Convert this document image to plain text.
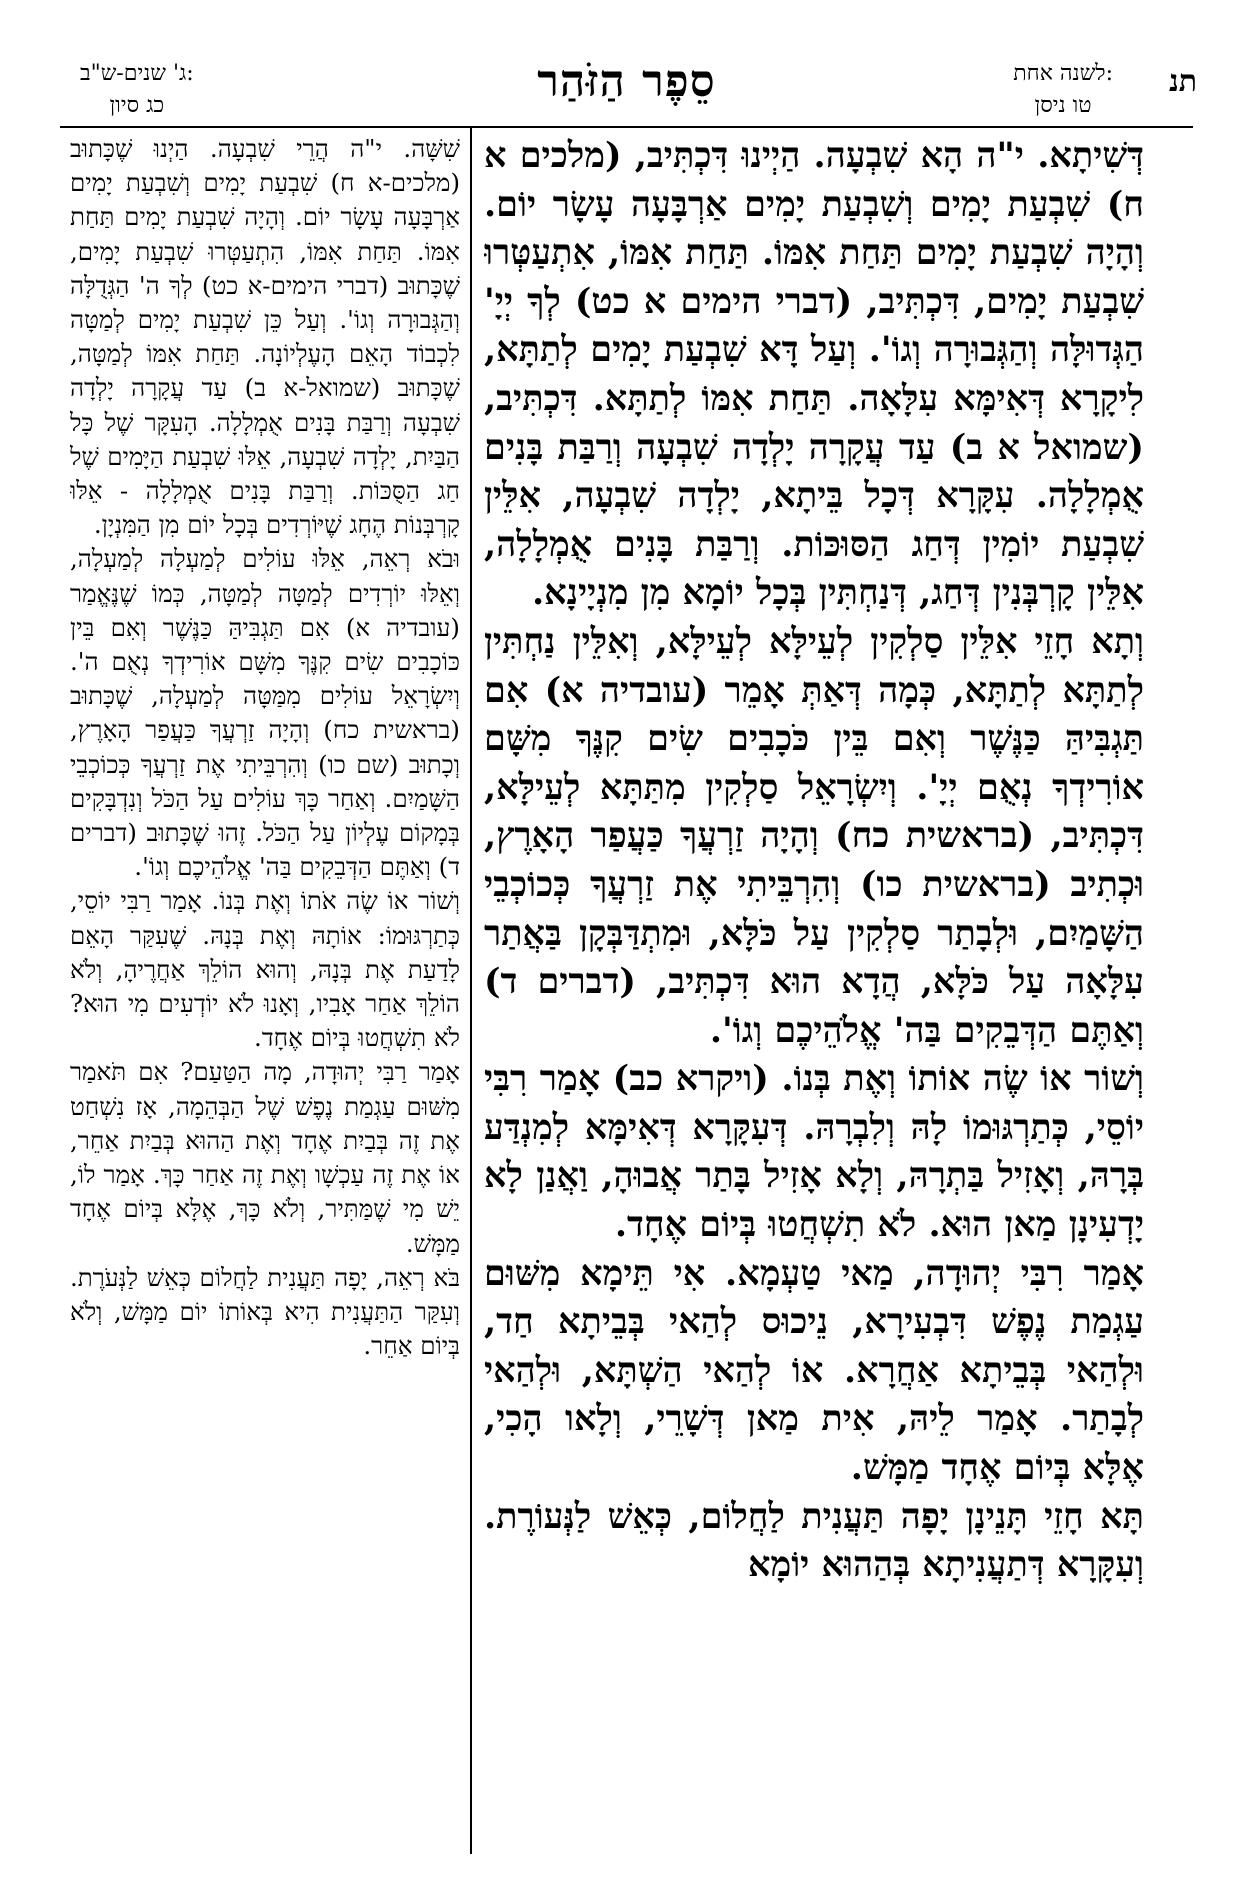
תנ
לשנה אחת:
טו ניסן
סֵפֶר הַזֹּהַר
ג' שנים-ש"ב:
כג סיון

דְּשִׁיתָא. י"ה הָא שִׁבְעָה. הַיְינוּ דִּכְתִּיב, (מלכים א ח) שִׁבְעַת יָמִים וְשִׁבְעַת יָמִים אַרְבָּעָה עָשָׂר יוֹם. וְהָיָה שִׁבְעַת יָמִים תַּחַת אִמּוֹ. תַּחַת אִמּוֹ, אִתְעַטְּרוּ שִׁבְעַת יָמִים, דִּכְתִּיב, (דברי הימים א כט) לְךָ יְיָ' הַגְּדוּלָּה וְהַגְּבוּרָה וְגוֹ'. וְעַל דָּא שִׁבְעַת יָמִים לְתַתָּא, לִיקָרָא דְּאִימָּא עִלָּאָה. תַּחַת אִמּוֹ לְתַתָּא. דִּכְתִּיב, (שמואל א ב) עַד עֲקָרָה יָלְדָה שִׁבְעָה וְרַבַּת בָּנִים אֻמְלָלָה. עִקָּרָא דְּכָל בֵּיתָא, יָלְדָה שִׁבְעָה, אִלֵּין שִׁבְעַת יוֹמִין דְּחַג הַסּוּכּוֹת. וְרַבַּת בָּנִים אֻמְלָלָה, אִלֵּין קָרְבְּנִין דְּחַג, דְּנַחְתִּין בְּכָל יוֹמָא מִן מִנְיָינָא.

וְתָא חָזֵי אִלֵּין סַלְקִין לְעֵילָּא לְעֵילָּא, וְאִלֵּין נַחְתִּין לְתַתָּא לְתַתָּא, כְּמָה דְּאַתְּ אָמֵר (עובדיה א) אִם תַּגְבִּיהַּ כַּנֶּשֶׁר וְאִם בֵּין כֹּכָבִים שִׂים קִנֶּךָ מִשָּׁם אוֹרִידְךָ נְאֻם יְיָ'. וְיִשְׂרָאֵל סַלְקִין מִתַּתָּא לְעֵילָּא, דִּכְתִּיב, (בראשית כח) וְהָיָה זַרְעֲךָ כַּעֲפַר הָאָרֶץ, וּכְתִיב (בראשית כו) וְהִרְבֵּיתִי אֶת זַרְעֲךָ כְּכוֹכְבֵי הַשָּׁמַיִם, וּלְבָתַר סַלְקִין עַל כֹּלָּא, וּמִתְדַּבְּקָן בַּאֲתַר עִלָּאָה עַל כֹּלָּא, הֲדָא הוּא דִּכְתִּיב, (דברים ד) וְאַתֶּם הַדְּבֵקִים בַּה' אֱלֹהֵיכֶם וְגוֹ'.

וְשׁוֹר אוֹ שֶׂה אוֹתוֹ וְאֶת בְּנוֹ. (ויקרא כב) אָמַר רִבִּי יוֹסֵי, כְּתַרְגּוּמוֹ לָהּ וְלִבְרָהּ. דְּעִקָּרָא דְּאִימָּא לְמִנְדַּע בְּרָהּ, וְאָזִיל בַּתְרָהּ, וְלָא אָזִיל בָּתַר אֲבוּהָ, וַאֲנַן לָא יָדְעִינָן מַאן הוּא. לֹא תִשְׁחֲטוּ בְּיוֹם אֶחָד.

אָמַר רִבִּי יְהוּדָה, מַאי טַעְמָא. אִי תֵּימָא מִשּׁוּם עַגְמַת נֶפֶשׁ דִּבְעִירָא, נֵיכוּס לְהַאי בְּבֵיתָא חַד, וּלְהַאי בְּבֵיתָא אַחֲרָא. אוֹ לְהַאי הַשְׁתָּא, וּלְהַאי לְבָתַר. אָמַר לֵיהּ, אִית מַאן דְּשָׁרֵי, וְלָאו הָכִי, אֶלָּא בְּיוֹם אֶחָד מַמָּשׁ.

תָּא חָזֵי תָּנֵינָן יָפָה תַּעֲנִית לַחֲלוֹם, כְּאֵשׁ לַנְּעוֹרֶת. וְעִקָּרָא דְּתַעֲנִיתָא בְּהַהוּא יוֹמָא

שִׁשָּׁה. י"ה הֲרֵי שִׁבְעָה. הַיְנוּ שֶׁכָּתוּב (מלכים-א ח) שִׁבְעַת יָמִים וְשִׁבְעַת יָמִים אַרְבָּעָה עָשָׂר יוֹם. וְהָיָה שִׁבְעַת יָמִים תַּחַת אִמּוֹ. תַּחַת אִמּוֹ, הִתְעַטְּרוּ שִׁבְעַת יָמִים, שֶׁכָּתוּב (דברי הימים-א כט) לְךָ ה' הַגְּדֻלָּה וְהַגְּבוּרָה וְגוֹ'. וְעַל כֵּן שִׁבְעַת יָמִים לְמַטָּה לִכְבוֹד הָאֵם הָעֶלְיוֹנָה. תַּחַת אִמּוֹ לְמַטָּה, שֶׁכָּתוּב (שמואל-א ב) עַד עֲקָרָה יָלְדָה שִׁבְעָה וְרַבַּת בָּנִים אֻמְלָלָה. הָעִקָּר שֶׁל כָּל הַבַּיִת, יָלְדָה שִׁבְעָה, אֵלּוּ שִׁבְעַת הַיָּמִים שֶׁל חַג הַסֻּכּוֹת. וְרַבַּת בָּנִים אֻמְלָלָה - אֵלּוּ קָרְבְּנוֹת הֶחָג שֶׁיּוֹרְדִים בְּכָל יוֹם מִן הַמִּנְיָן.

וּבֹא רְאֵה, אֵלּוּ עוֹלִים לְמַעְלָה לְמַעְלָה, וְאֵלּוּ יוֹרְדִים לְמַטָּה לְמַטָּה, כְּמוֹ שֶׁנֶּאֱמַר (עובדיה א) אִם תַּגְבִּיהַּ כַּנֶּשֶׁר וְאִם בֵּין כּוֹכָבִים שִׂים קִנֶּךָ מִשָּׁם אוֹרִידְךָ נְאֻם ה'. וְיִשְׂרָאֵל עוֹלִים מִמַּטָּה לְמַעְלָה, שֶׁכָּתוּב (בראשית כח) וְהָיָה זַרְעֲךָ כַּעֲפַר הָאָרֶץ, וְכָתוּב (שם כו) וְהִרְבֵּיתִי אֶת זַרְעֲךָ כְּכוֹכְבֵי הַשָּׁמַיִם. וְאַחַר כָּךְ עוֹלִים עַל הַכֹּל וְנִדְבָּקִים בְּמָקוֹם עֶלְיוֹן עַל הַכֹּל. זֶהוּ שֶׁכָּתוּב (דברים ד) וְאַתֶּם הַדְּבֵקִים בַּה' אֱלֹהֵיכֶם וְגוֹ'.

וְשׁוֹר אוֹ שֶׂה אֹתוֹ וְאֶת בְּנוֹ. אָמַר רַבִּי יוֹסֵי, כְּתַרְגּוּמוֹ: אוֹתָהּ וְאֶת בְּנָהּ. שֶׁעִקַּר הָאֵם לָדַעַת אֶת בְּנָהּ, וְהוּא הוֹלֵךְ אַחֲרֶיהָ, וְלֹא הוֹלֵךְ אַחַר אָבִיו, וְאָנוּ לֹא יוֹדְעִים מִי הוּא? לֹא תִשְׁחֲטוּ בְּיוֹם אֶחָד.

אָמַר רַבִּי יְהוּדָה, מָה הַטַּעַם? אִם תֹּאמַר מִשּׁוּם עַגְמַת נֶפֶשׁ שֶׁל הַבְּהֵמָה, אָז נִשְׁחַט אֶת זֶה בְּבַיִת אֶחָד וְאֶת הַהוּא בְּבַיִת אַחֵר, אוֹ אֶת זֶה עַכְשָׁו וְאֶת זֶה אַחַר כָּךְ. אָמַר לוֹ, יֵשׁ מִי שֶׁמַּתִּיר, וְלֹא כָּךְ, אֶלָּא בְּיוֹם אֶחָד מַמָּשׁ.

בֹּא רְאֵה, יָפָה תַּעֲנִית לַחֲלוֹם כְּאֵשׁ לַנְּעֹרֶת. וְעִקַּר הַתַּעֲנִית הִיא בְּאוֹתוֹ יוֹם מַמָּשׁ, וְלֹא בְּיוֹם אַחֵר.
